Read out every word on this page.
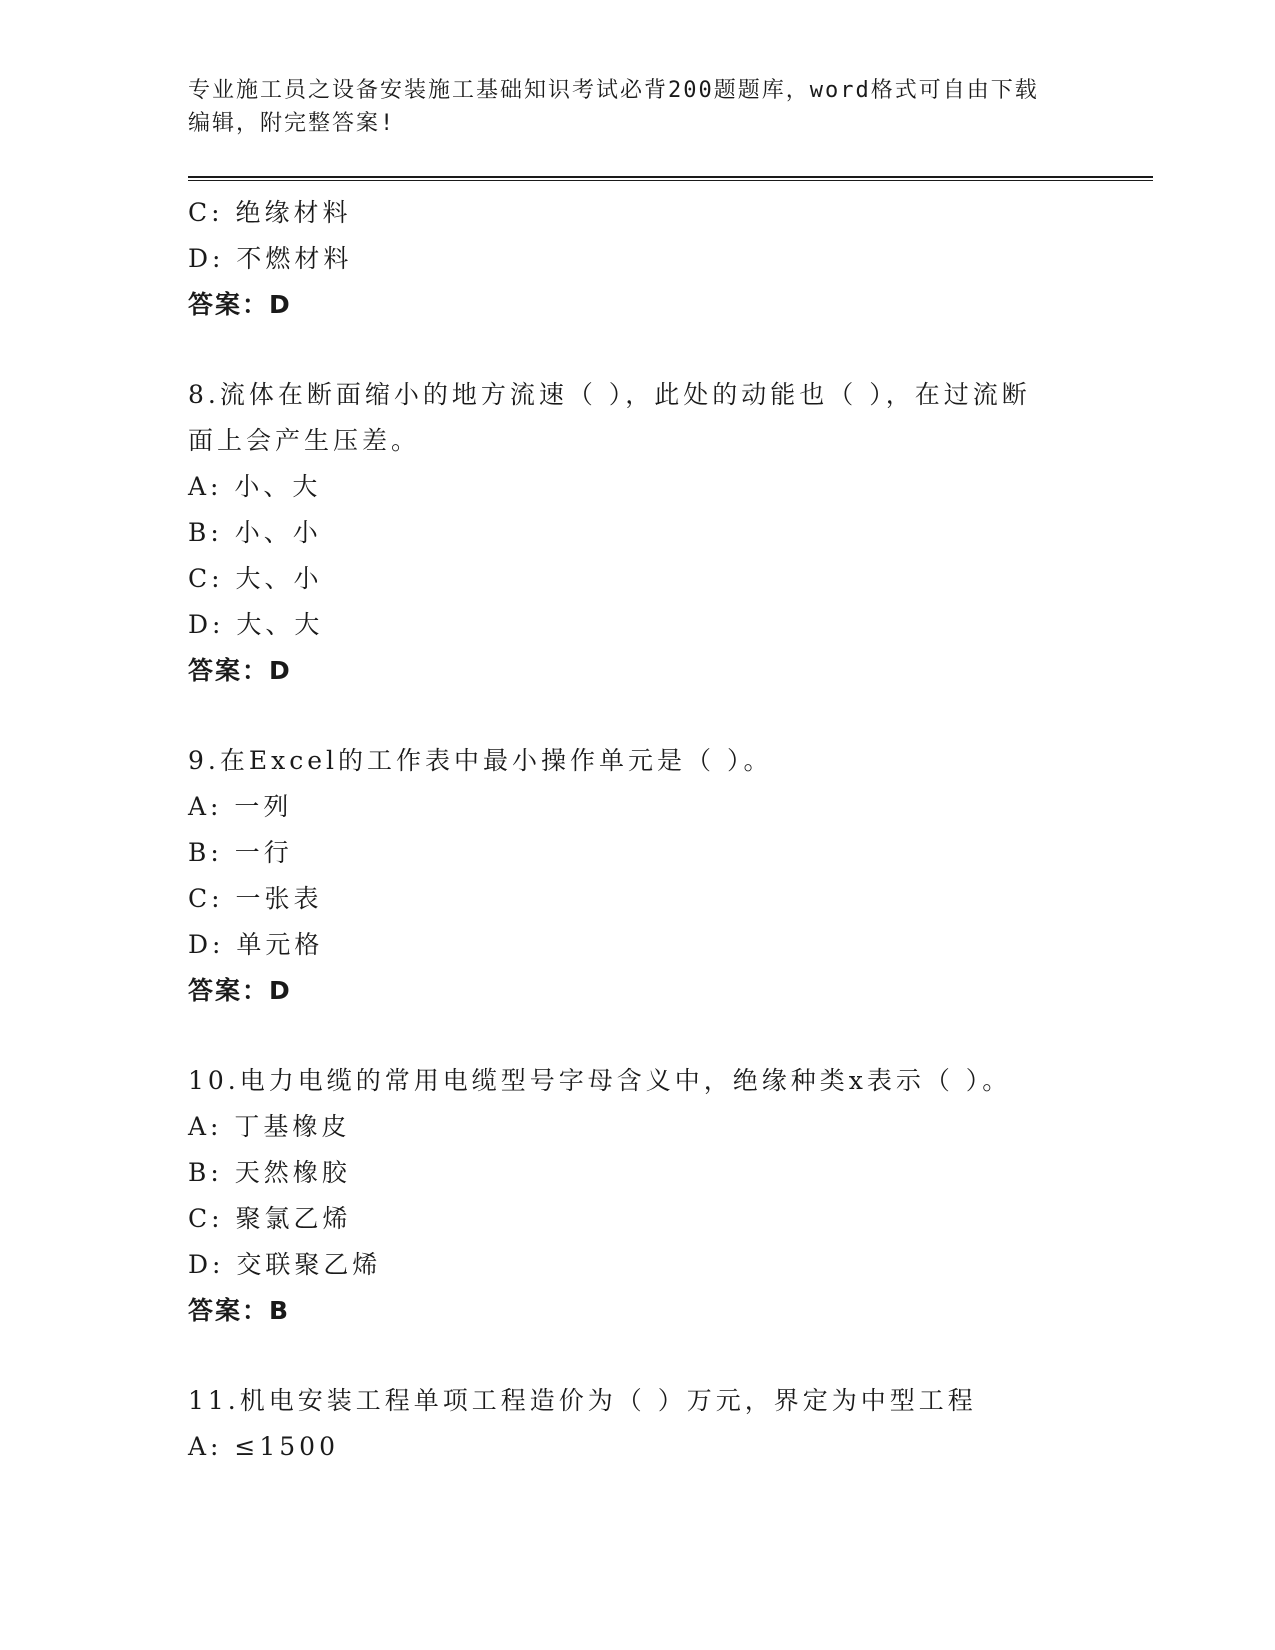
专业施工员之设备安装施工基础知识考试必背200题题库，word格式可自由下载
编辑，附完整答案!
C: 绝缘材料
D: 不燃材料
答案：D
8.流体在断面缩小的地方流速（ ），此处的动能也（ ），在过流断
面上会产生压差。
A: 小、大
B: 小、小
C: 大、小
D: 大、大
答案：D
9.在Excel的工作表中最小操作单元是（ ）。
A: 一列
B: 一行
C: 一张表
D: 单元格
答案：D
10.电力电缆的常用电缆型号字母含义中，绝缘种类x表示（ ）。
A: 丁基橡皮
B: 天然橡胶
C: 聚氯乙烯
D: 交联聚乙烯
答案：B
11.机电安装工程单项工程造价为（ ）万元，界定为中型工程
A: ≤1500
